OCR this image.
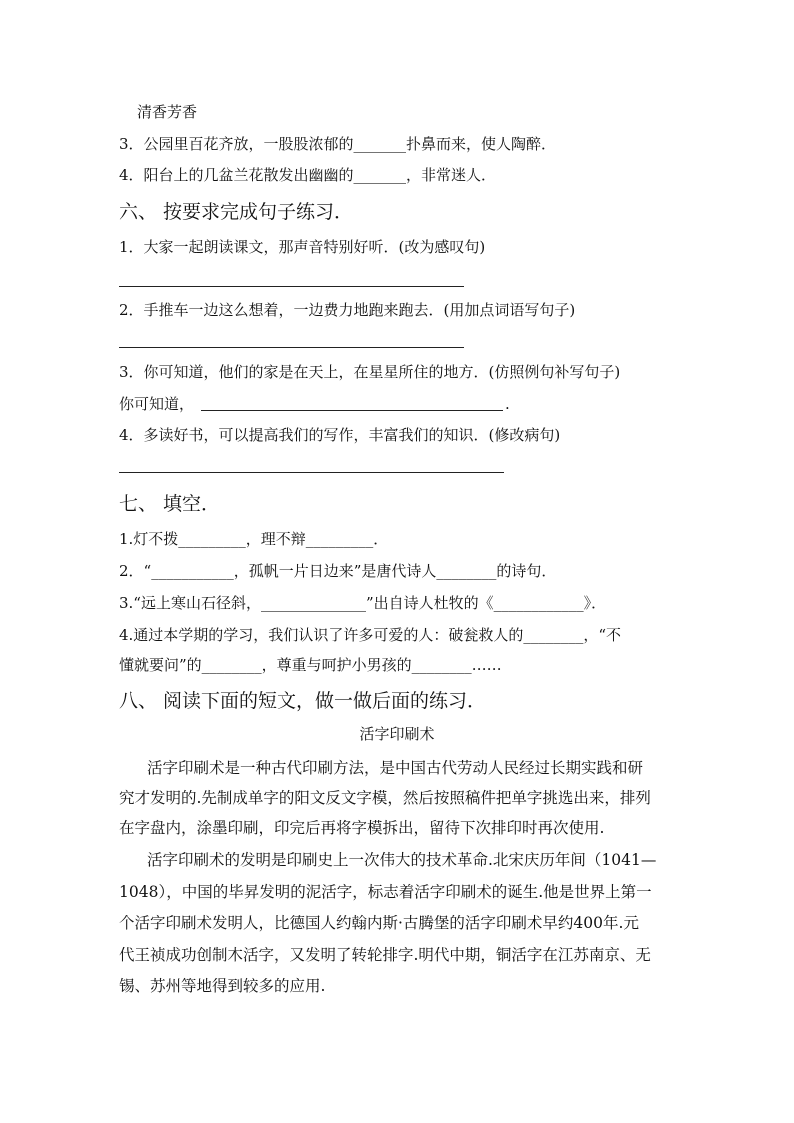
清香芳香
3．公园里百花齐放，一股股浓郁的_______扑鼻而来，使人陶醉．
4．阳台上的几盆兰花散发出幽幽的_______，非常迷人．
六、 按要求完成句子练习．
1．大家一起朗读课文，那声音特别好听．(改为感叹句)
2．手推车一边这么想着，一边费力地跑来跑去．(用加点词语写句子)
3．你可知道，他们的家是在天上，在星星所住的地方．(仿照例句补写句子)
你可知道，	.
4．多读好书，可以提高我们的写作，丰富我们的知识．(修改病句)
七、 填空．
1.灯不拨_________，理不辩_________．
2．“___________，孤帆一片日边来”是唐代诗人________的诗句．
3.“远上寒山石径斜，______________”出自诗人杜牧的《____________》．
4.通过本学期的学习，我们认识了许多可爱的人：破瓮救人的________，“不
懂就要问”的________，尊重与呵护小男孩的________……
八、 阅读下面的短文，做一做后面的练习．
活字印刷术
活字印刷术是一种古代印刷方法，是中国古代劳动人民经过长期实践和研
究才发明的.先制成单字的阳文反文字模，然后按照稿件把单字挑选出来，排列
在字盘内，涂墨印刷，印完后再将字模拆出，留待下次排印时再次使用.
活字印刷术的发明是印刷史上一次伟大的技术革命.北宋庆历年间（1041—
1048），中国的毕昇发明的泥活字，标志着活字印刷术的诞生.他是世界上第一
个活字印刷术发明人，比德国人约翰内斯·古腾堡的活字印刷术早约400年.元
代王祯成功创制木活字，又发明了转轮排字.明代中期，铜活字在江苏南京、无
锡、苏州等地得到较多的应用.
